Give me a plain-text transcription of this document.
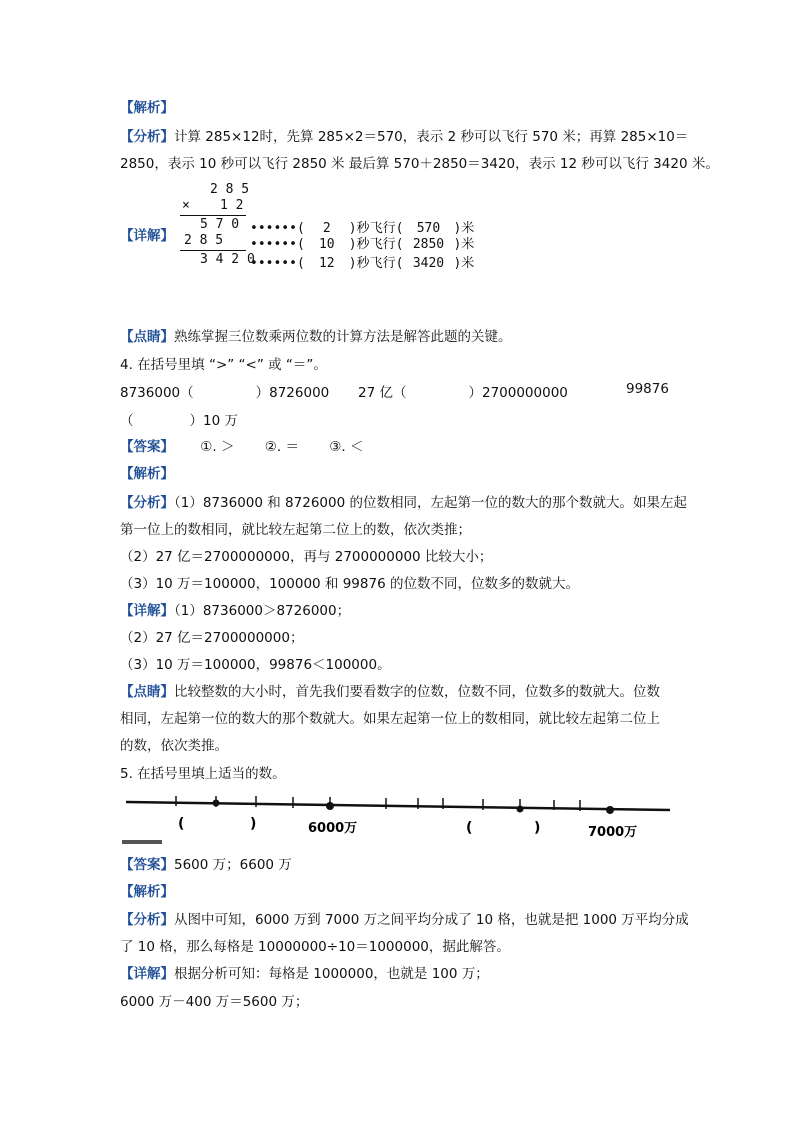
【解析】
【分析】计算 285×12时，先算 285×2＝570，表示 2 秒可以飞行 570 米；再算 285×10＝
2850，表示 10 秒可以飞行 2850 米 最后算 570＋2850＝3420，表示 12 秒可以飞行 3420 米。
【详解】
2 8 5
× 1 2
5 7 0
2 8 5
3 4 2 0
••••••( 2 )秒飞行( 570 )米
••••••( 10 )秒飞行( 2850 )米
••••••( 12 )秒飞行( 3420 )米
【点睛】熟练掌握三位数乘两位数的计算方法是解答此题的关键。
4. 在括号里填 “>” “<” 或 “＝”。
8736000（	）8726000 27 亿（	）2700000000	99876
（	）10 万
【答案】 ①. ＞ ②. ＝ ③. ＜
【解析】
【分析】（1）8736000 和 8726000 的位数相同，左起第一位的数大的那个数就大。如果左起
第一位上的数相同，就比较左起第二位上的数，依次类推；
（2）27 亿＝2700000000，再与 2700000000 比较大小；
（3）10 万＝100000，100000 和 99876 的位数不同，位数多的数就大。
【详解】（1）8736000＞8726000；
（2）27 亿＝2700000000；
（3）10 万＝100000，99876＜100000。
【点睛】比较整数的大小时，首先我们要看数字的位数，位数不同，位数多的数就大。位数
相同，左起第一位的数大的那个数就大。如果左起第一位上的数相同，就比较左起第二位上
的数，依次类推。
5. 在括号里填上适当的数。
(	)	6000万	(	)	7000万
【答案】5600 万；6600 万
【解析】
【分析】从图中可知，6000 万到 7000 万之间平均分成了 10 格，也就是把 1000 万平均分成
了 10 格，那么每格是 10000000÷10＝1000000，据此解答。
【详解】根据分析可知：每格是 1000000，也就是 100 万；
6000 万－400 万＝5600 万；
